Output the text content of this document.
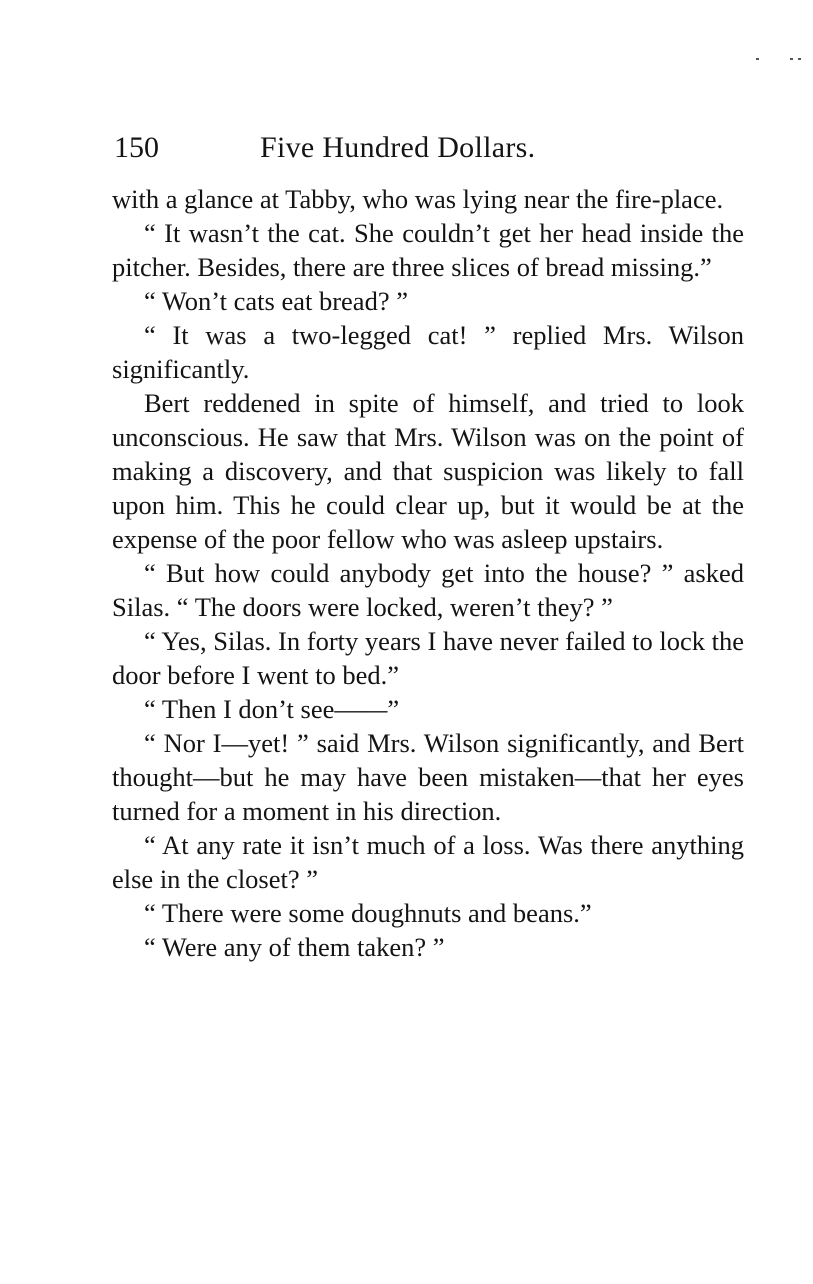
150	Five Hundred Dollars.

with a glance at Tabby, who was lying near the fire-place.

“ It wasn’t the cat. She couldn’t get her head inside the pitcher. Besides, there are three slices of bread missing.”

“ Won’t cats eat bread? ”

“ It was a two-legged cat! ” replied Mrs. Wilson significantly.

Bert reddened in spite of himself, and tried to look unconscious. He saw that Mrs. Wilson was on the point of making a discovery, and that suspicion was likely to fall upon him. This he could clear up, but it would be at the expense of the poor fellow who was asleep upstairs.

“ But how could anybody get into the house? ” asked Silas. “ The doors were locked, weren’t they? ”

“ Yes, Silas. In forty years I have never failed to lock the door before I went to bed.”

“ Then I don’t see——”

“ Nor I—yet! ” said Mrs. Wilson significantly, and Bert thought—but he may have been mistaken—that her eyes turned for a moment in his direction.

“ At any rate it isn’t much of a loss. Was there anything else in the closet? ”

“ There were some doughnuts and beans.”

“ Were any of them taken? ”
